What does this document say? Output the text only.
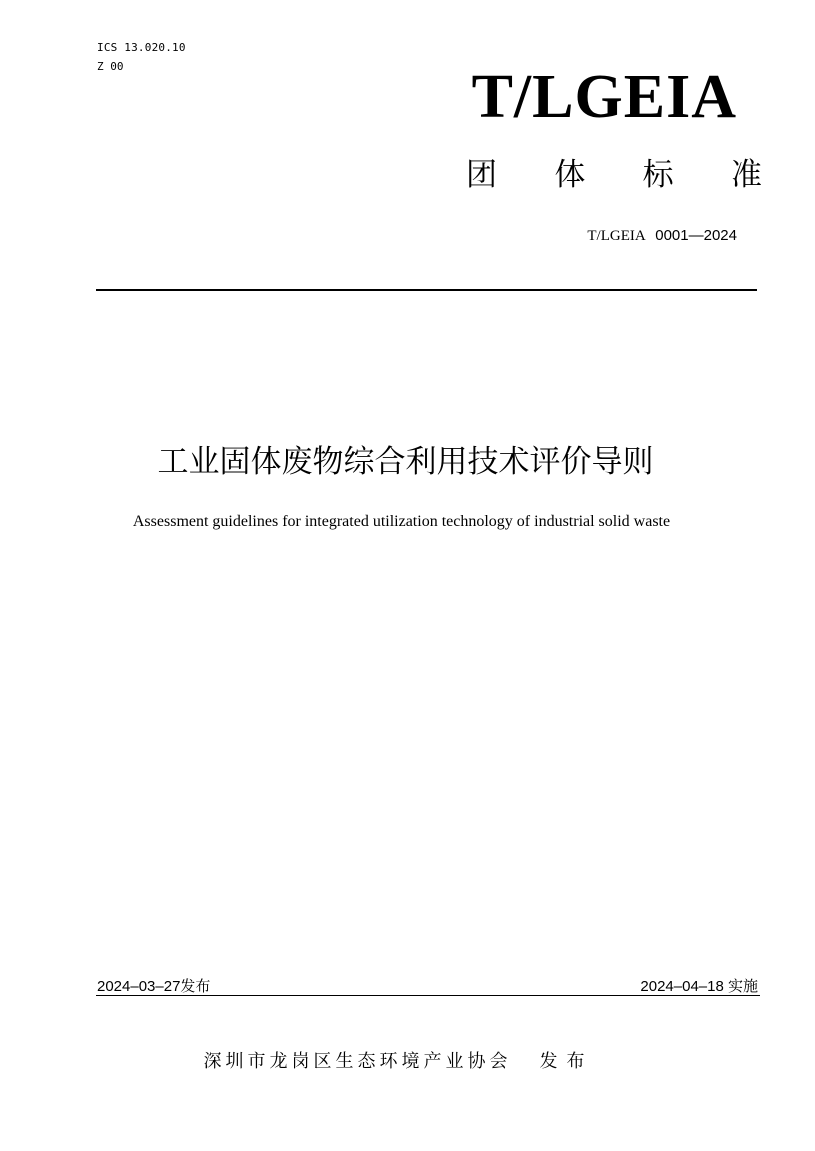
ICS 13.020.10
Z 00	T/LGEIA
团 体 标 准
T/LGEIA 0001—2024
工业固体废物综合利用技术评价导则
Assessment guidelines for integrated utilization technology of industrial solid waste
2024‒03‒27发布	2024‒04‒18 实施
深圳市龙岗区生态环境产业协会 发布
